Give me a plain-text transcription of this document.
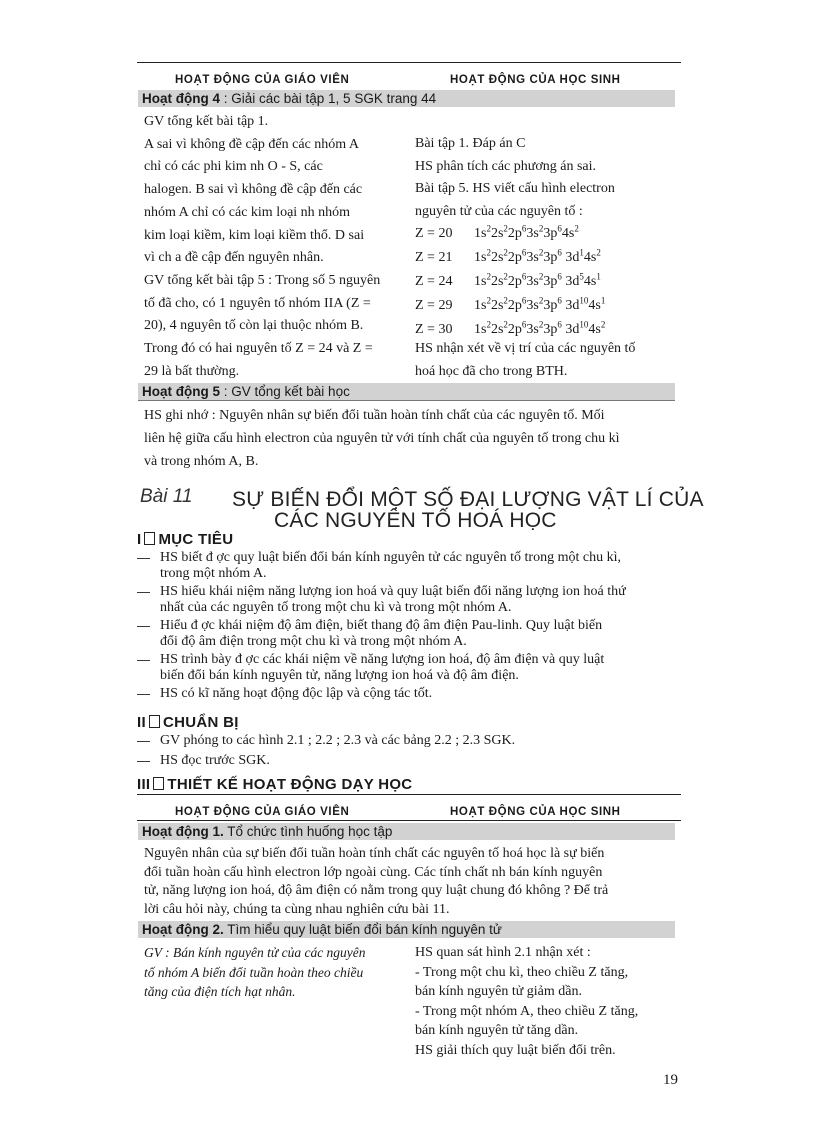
HOẠT ĐỘNG CỦA GIÁO VIÊN	HOẠT ĐỘNG CỦA HỌC SINH
Hoạt động 4 : Giải các bài tập 1, 5 SGK trang 44
GV tổng kết bài tập 1.
A sai vì không đề cập đến các nhóm A
chỉ có các phi kim nh O - S, các
halogen. B sai vì không đề cập đến các
nhóm A chỉ có các kim loại nh nhóm
kim loại kiềm, kim loại kiềm thổ. D sai
vì ch a đề cập đến nguyên nhân.
GV tổng kết bài tập 5 : Trong số 5 nguyên
tố đã cho, có 1 nguyên tố nhóm IIA (Z =
20), 4 nguyên tố còn lại thuộc nhóm B.
Trong đó có hai nguyên tố Z = 24 và Z =
29 là bất thường.
Bài tập 1. Đáp án C
HS phân tích các phương án sai.
Bài tập 5. HS viết cấu hình electron
nguyên tử của các nguyên tố :
Z = 20 $1s^22s^22p^63s^23p^64s^2$
Z = 21 $1s^22s^22p^63s^23p^6$ $3d^14s^2$
Z = 24 $1s^22s^22p^63s^23p^6$ $3d^54s^1$
Z = 29 $1s^22s^22p^63s^23p^6$ $3d^{10}4s^1$
Z = 30 $1s^22s^22p^63s^23p^6$ $3d^{10}4s^2$
HS nhận xét về vị trí của các nguyên tố
hoá học đã cho trong BTH.
Hoạt động 5 : GV tổng kết bài học
HS ghi nhớ : Nguyên nhân sự biến đổi tuần hoàn tính chất của các nguyên tố. Mối
liên hệ giữa cấu hình electron của nguyên tử với tính chất của nguyên tố trong chu kì
và trong nhóm A, B.
Bài 11 SỰ BIẾN ĐỔI MỘT SỐ ĐẠI LƯỢNG VẬT LÍ CỦA
CÁC NGUYÊN TỐ HOÁ HỌC
I MỤC TIÊU
— HS biết đ ợc quy luật biến đổi bán kính nguyên tử các nguyên tố trong một chu kì,
trong một nhóm A.
— HS hiểu khái niệm năng lượng ion hoá và quy luật biến đổi năng lượng ion hoá thứ
nhất của các nguyên tố trong một chu kì và trong một nhóm A.
— Hiểu đ ợc khái niệm độ âm điện, biết thang độ âm điện Pau-linh. Quy luật biến
đổi độ âm điện trong một chu kì và trong một nhóm A.
— HS trình bày đ ợc các khái niệm về năng lượng ion hoá, độ âm điện và quy luật
biến đổi bán kính nguyên tử, năng lượng ion hoá và độ âm điện.
— HS có kĩ năng hoạt động độc lập và cộng tác tốt.
II CHUẨN BỊ
— GV phóng to các hình 2.1 ; 2.2 ; 2.3 và các bảng 2.2 ; 2.3 SGK.
— HS đọc trước SGK.
III THIẾT KẾ HOẠT ĐỘNG DẠY HỌC
HOẠT ĐỘNG CỦA GIÁO VIÊN	HOẠT ĐỘNG CỦA HỌC SINH
Hoạt động 1. Tổ chức tình huống học tập
Nguyên nhân của sự biến đổi tuần hoàn tính chất các nguyên tố hoá học là sự biến
đổi tuần hoàn cấu hình electron lớp ngoài cùng. Các tính chất nh bán kính nguyên
tử, năng lượng ion hoá, độ âm điện có nằm trong quy luật chung đó không ? Để trả
lời câu hỏi này, chúng ta cùng nhau nghiên cứu bài 11.
Hoạt động 2. Tìm hiểu quy luật biến đổi bán kính nguyên tử
GV : Bán kính nguyên tử của các nguyên
tố nhóm A biến đổi tuần hoàn theo chiều
tăng của điện tích hạt nhân.
HS quan sát hình 2.1 nhận xét :
- Trong một chu kì, theo chiều Z tăng,
bán kính nguyên tử giảm dần.
- Trong một nhóm A, theo chiều Z tăng,
bán kính nguyên tử tăng dần.
HS giải thích quy luật biến đổi trên.
19
